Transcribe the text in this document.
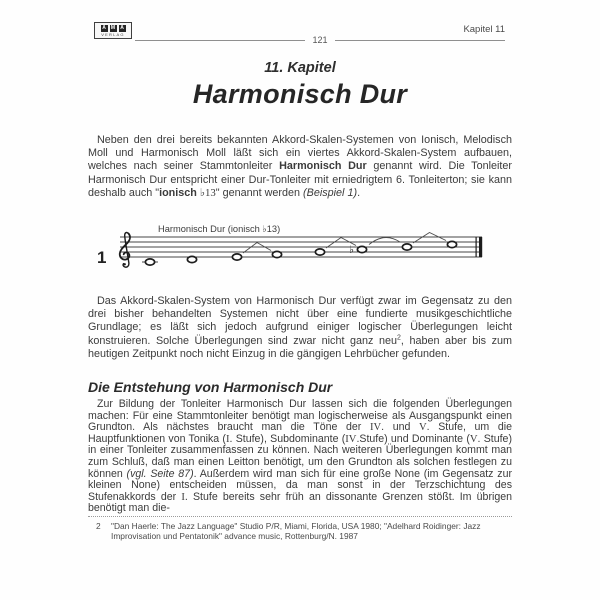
A	M	A
VERLAG
121
Kapitel 11
11. Kapitel
Harmonisch Dur
Neben den drei bereits bekannten Akkord-Skalen-Systemen von Ionisch, Melodisch Moll und Harmonisch Moll läßt sich ein viertes Akkord-Skalen-System aufbauen, welches nach seiner Stammtonleiter Harmonisch Dur genannt wird. Die Tonleiter Harmonisch Dur entspricht einer Dur-Tonleiter mit erniedrigtem 6. Tonleiterton; sie kann deshalb auch "ionisch ♭13" genannt werden (Beispiel 1).
1
Harmonisch Dur (ionisch ♭13)
♭
Das Akkord-Skalen-System von Harmonisch Dur verfügt zwar im Gegensatz zu den drei bisher behandelten Systemen nicht über eine fundierte musikgeschichtliche Grundlage; es läßt sich jedoch aufgrund einiger logischer Überlegungen leicht konstruieren. Solche Überlegungen sind zwar nicht ganz neu$^2$, haben aber bis zum heutigen Zeitpunkt noch nicht Einzug in die gängigen Lehrbücher gefunden.
Die Entstehung von Harmonisch Dur
Zur Bildung der Tonleiter Harmonisch Dur lassen sich die folgenden Überlegungen machen: Für eine Stammtonleiter benötigt man logischerweise als Ausgangspunkt einen Grundton. Als nächstes braucht man die Töne der IV. und V. Stufe, um die Hauptfunktionen von Tonika (I. Stufe), Subdominante (IV.Stufe) und Dominante (V. Stufe) in einer Tonleiter zusammenfassen zu können. Nach weiteren Überlegungen kommt man zum Schluß, daß man einen Leitton benötigt, um den Grundton als solchen festlegen zu können (vgl. Seite 87). Außerdem wird man sich für eine große None (im Gegensatz zur kleinen None) entscheiden müssen, da man sonst in der Terzschichtung des Stufenakkords der I. Stufe bereits sehr früh an dissonante Grenzen stößt. Im übrigen benötigt man die-
2	"Dan Haerle: The Jazz Language" Studio P/R, Miami, Florida, USA 1980; "Adelhard Roidinger: Jazz Improvisation und Pentatonik" advance music, Rottenburg/N. 1987
